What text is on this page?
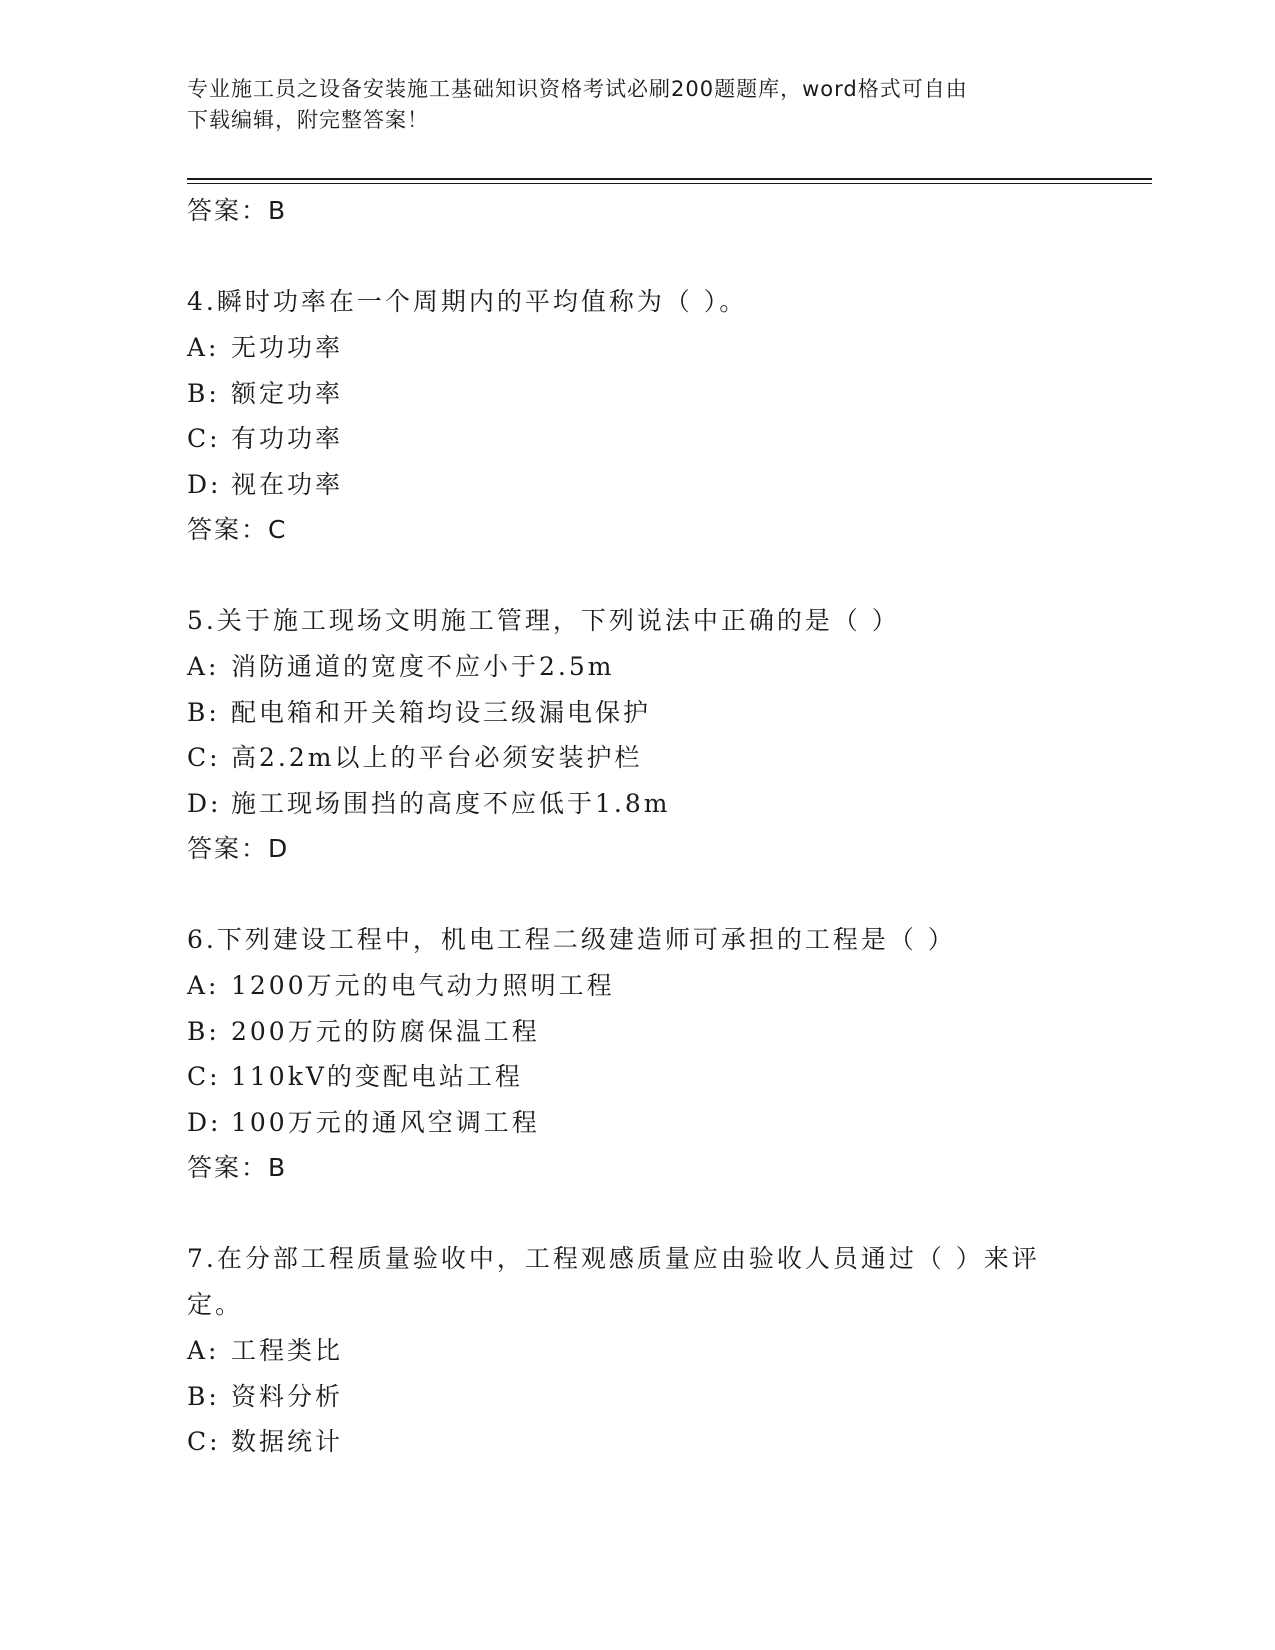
专业施工员之设备安装施工基础知识资格考试必刷200题题库，word格式可自由
下载编辑，附完整答案！
答案：B
4.瞬时功率在一个周期内的平均值称为（ ）。
A: 无功功率
B: 额定功率
C: 有功功率
D: 视在功率
答案：C
5.关于施工现场文明施工管理，下列说法中正确的是（ ）
A: 消防通道的宽度不应小于2.5m
B: 配电箱和开关箱均设三级漏电保护
C: 高2.2m以上的平台必须安装护栏
D: 施工现场围挡的高度不应低于1.8m
答案：D
6.下列建设工程中，机电工程二级建造师可承担的工程是（ ）
A: 1200万元的电气动力照明工程
B: 200万元的防腐保温工程
C: 110kV的变配电站工程
D: 100万元的通风空调工程
答案：B
7.在分部工程质量验收中，工程观感质量应由验收人员通过（ ）来评定。
A: 工程类比
B: 资料分析
C: 数据统计
